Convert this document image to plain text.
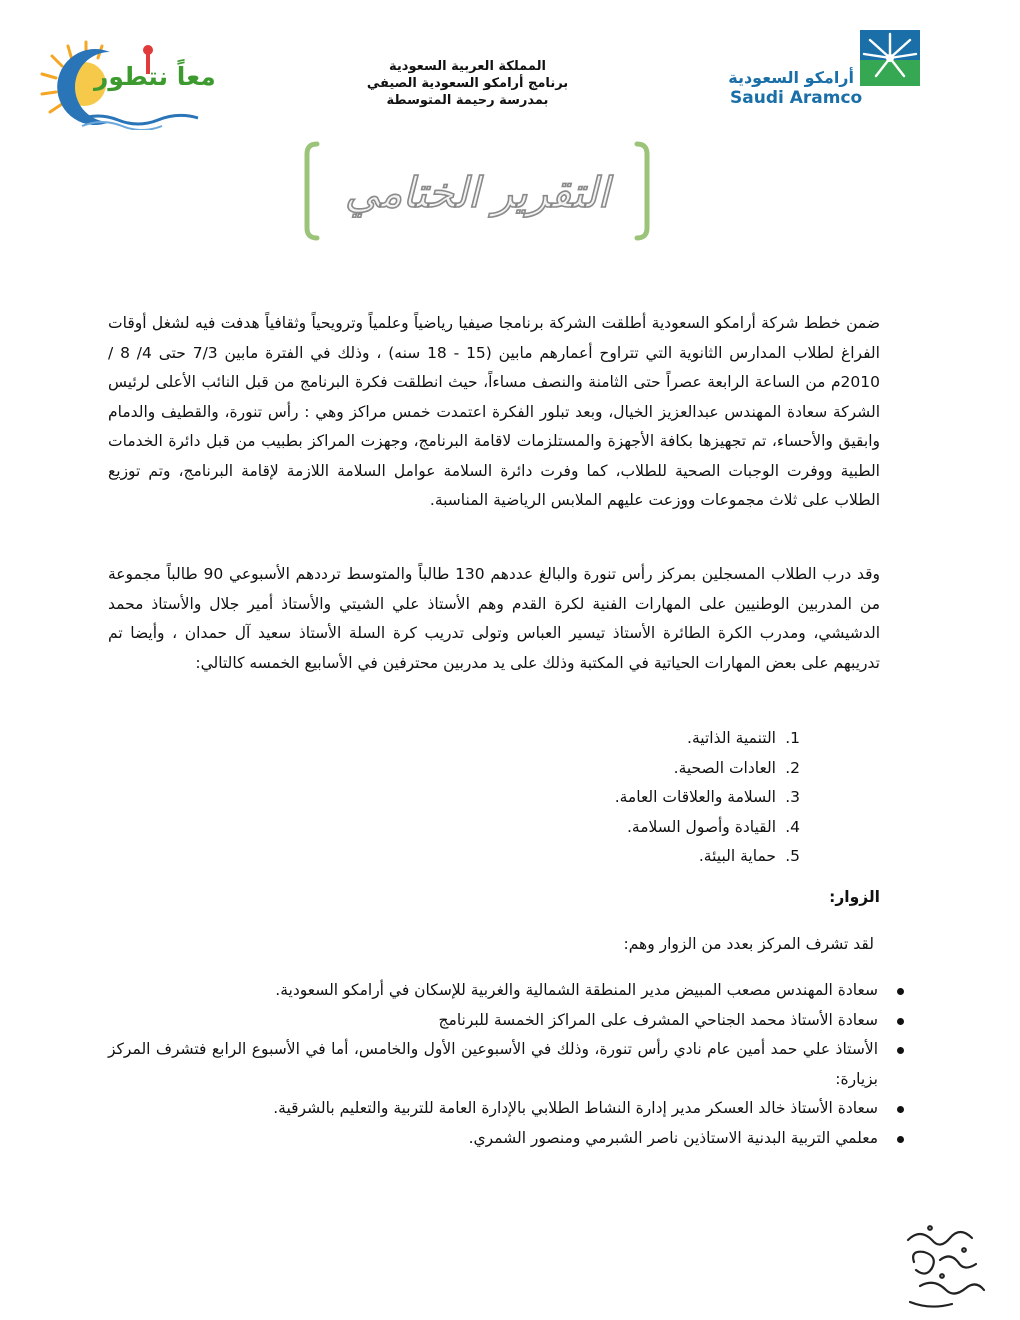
معاً نتطور	المملكة العربية السعودية
برنامج أرامكو السعودية الصيفي
بمدرسة رحيمة المتوسطة
أرامكو السعودية
Saudi Aramco
التقرير الختامي

ضمن خطط شركة أرامكو السعودية أطلقت الشركة برنامجا صيفيا رياضياً وعلمياً وترويحياً وثقافياً هدفت فيه لشغل أوقات الفراغ لطلاب المدارس الثانوية التي تتراوح أعمارهم مابين (15 - 18 سنه) ، وذلك في الفترة مابين 7/3 حتى 4/ 8 / 2010م من الساعة الرابعة عصراً حتى الثامنة والنصف مساءاً، حيث انطلقت فكرة البرنامج من قبل النائب الأعلى لرئيس الشركة سعادة المهندس عبدالعزيز الخيال، وبعد تبلور الفكرة اعتمدت خمس مراكز وهي : رأس تنورة، والقطيف والدمام وابقيق والأحساء، تم تجهيزها بكافة الأجهزة والمستلزمات لاقامة البرنامج، وجهزت المراكز بطبيب من قبل دائرة الخدمات الطبية ووفرت الوجبات الصحية للطلاب، كما وفرت دائرة السلامة عوامل السلامة اللازمة لإقامة البرنامج، وتم توزيع الطلاب على ثلاث مجموعات ووزعت عليهم الملابس الرياضية المناسبة.

وقد درب الطلاب المسجلين بمركز رأس تنورة والبالغ عددهم 130 طالباً والمتوسط ترددهم الأسبوعي 90 طالباً مجموعة من المدربين الوطنيين على المهارات الفنية لكرة القدم وهم الأستاذ علي الشيتي والأستاذ أمير جلال والأستاذ محمد الدشيشي، ومدرب الكرة الطائرة الأستاذ تيسير العباس وتولى تدريب كرة السلة الأستاذ سعيد آل حمدان ، وأيضا تم تدريبهم على بعض المهارات الحياتية في المكتبة وذلك على يد مدربين محترفين في الأسابيع الخمسه كالتالي:

1.التنمية الذاتية.
2.العادات الصحية.
3.السلامة والعلاقات العامة.
4.القيادة وأصول السلامة.
5.حماية البيئة.
الزوار:
لقد تشرف المركز بعدد من الزوار وهم:
سعادة المهندس مصعب المبيض مدير المنطقة الشمالية والغربية للإسكان في أرامكو السعودية.
سعادة الأستاذ محمد الجناحي المشرف على المراكز الخمسة للبرنامج
الأستاذ علي حمد أمين عام نادي رأس تنورة، وذلك في الأسبوعين الأول والخامس، أما في الأسبوع الرابع فتشرف المركز بزيارة:
سعادة الأستاذ خالد العسكر مدير إدارة النشاط الطلابي بالإدارة العامة للتربية والتعليم بالشرقية.
معلمي التربية البدنية الاستاذين ناصر الشبرمي ومنصور الشمري.
